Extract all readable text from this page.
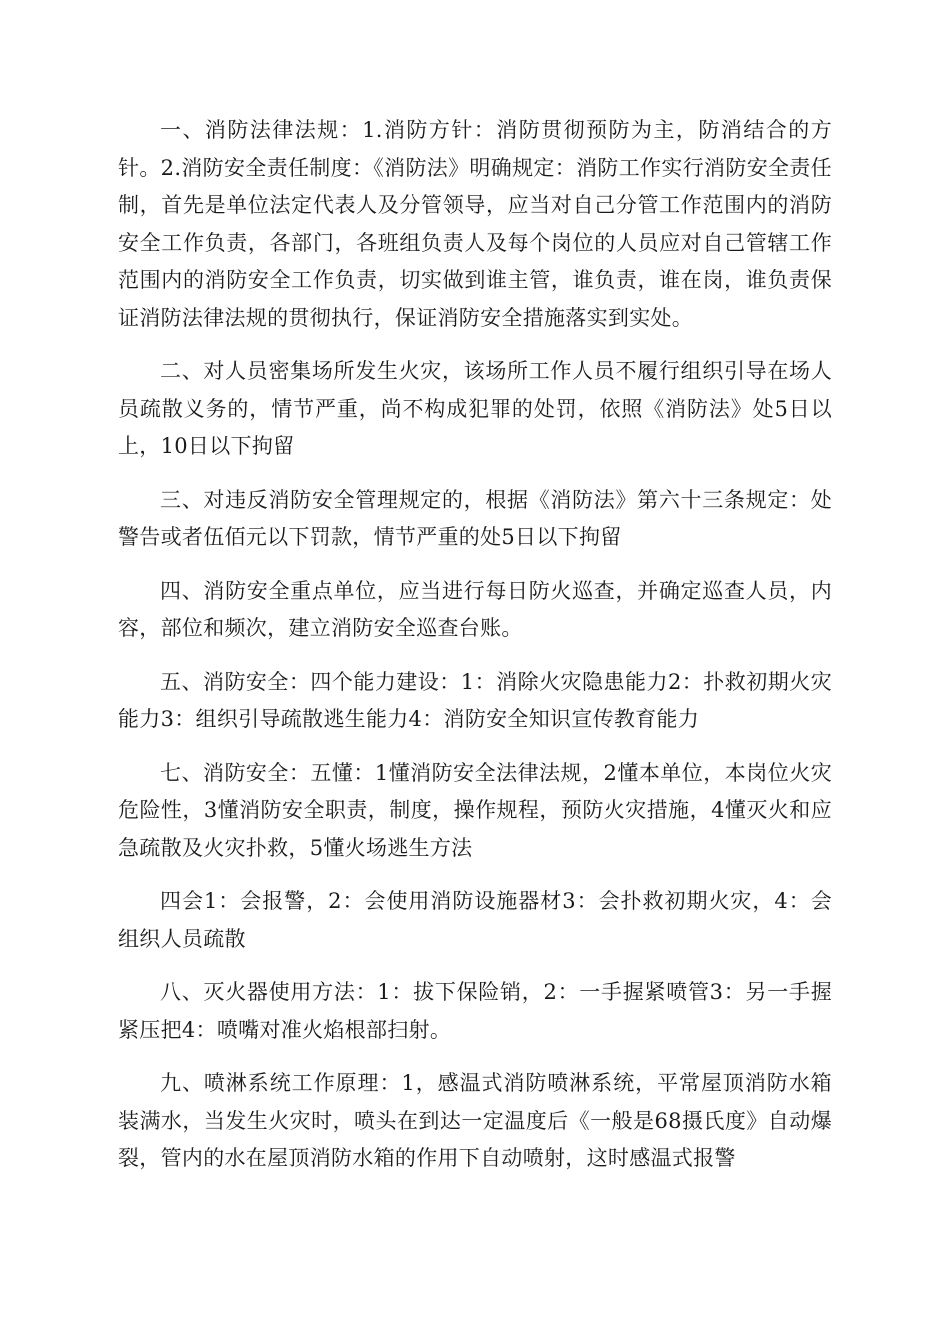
一、消防法律法规：1.消防方针：消防贯彻预防为主，防消结合的方针。2.消防安全责任制度：《消防法》明确规定：消防工作实行消防安全责任制，首先是单位法定代表人及分管领导，应当对自己分管工作范围内的消防安全工作负责，各部门，各班组负责人及每个岗位的人员应对自己管辖工作范围内的消防安全工作负责，切实做到谁主管，谁负责，谁在岗，谁负责保证消防法律法规的贯彻执行，保证消防安全措施落实到实处。

二、对人员密集场所发生火灾，该场所工作人员不履行组织引导在场人员疏散义务的，情节严重，尚不构成犯罪的处罚，依照《消防法》处5日以上，10日以下拘留

三、对违反消防安全管理规定的，根据《消防法》第六十三条规定：处警告或者伍佰元以下罚款，情节严重的处5日以下拘留

四、消防安全重点单位，应当进行每日防火巡查，并确定巡查人员，内容，部位和频次，建立消防安全巡查台账。

五、消防安全：四个能力建设：1：消除火灾隐患能力2：扑救初期火灾能力3：组织引导疏散逃生能力4：消防安全知识宣传教育能力

七、消防安全：五懂：1懂消防安全法律法规，2懂本单位，本岗位火灾危险性，3懂消防安全职责，制度，操作规程，预防火灾措施，4懂灭火和应急疏散及火灾扑救，5懂火场逃生方法

四会1：会报警，2：会使用消防设施器材3：会扑救初期火灾，4：会组织人员疏散

八、灭火器使用方法：1：拔下保险销，2：一手握紧喷管3：另一手握紧压把4：喷嘴对准火焰根部扫射。

九、喷淋系统工作原理：1，感温式消防喷淋系统，平常屋顶消防水箱装满水，当发生火灾时，喷头在到达一定温度后《一般是68摄氏度》自动爆裂，管内的水在屋顶消防水箱的作用下自动喷射，这时感温式报警
